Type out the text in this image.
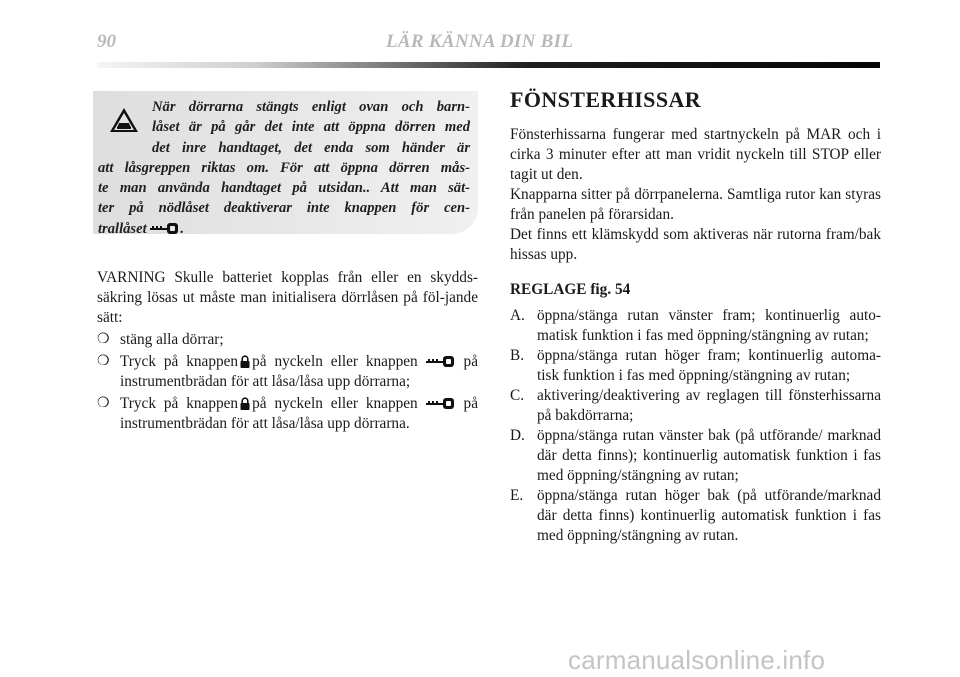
90	LÄR KÄNNA DIN BIL

När dörrarna stängts enligt ovan och barn-

låset är på går det inte att öppna dörren med

det inre handtaget, det enda som händer är

att låsgreppen riktas om. För att öppna dörren mås-

te man använda handtaget på utsidan.. Att man sät-

ter på nödlåset deaktiverar inte knappen för cen-

trallåset .

VARNING Skulle batteriet kopplas från eller en skydds-säkring lösas ut måste man initialisera dörrlåsen på föl-jande sätt:

❍ stäng alla dörrar;
❍ Tryck på knappen på nyckeln eller knappen	på instrumentbrädan för att låsa/låsa upp dörrarna;
❍ Tryck på knappen på nyckeln eller knappen	på instrumentbrädan för att låsa/låsa upp dörrarna.
FÖNSTERHISSAR

Fönsterhissarna fungerar med startnyckeln på MAR och i cirka 3 minuter efter att man vridit nyckeln till STOP eller tagit ut den.

Knapparna sitter på dörrpanelerna. Samtliga rutor kan styras från panelen på förarsidan.

Det finns ett klämskydd som aktiveras när rutorna fram/bak hissas upp.

REGLAGE fig. 54
A. öppna/stänga rutan vänster fram; kontinuerlig auto-matisk funktion i fas med öppning/stängning av rutan;
B. öppna/stänga rutan höger fram; kontinuerlig automa-tisk funktion i fas med öppning/stängning av rutan;
C. aktivering/deaktivering av reglagen till fönsterhissarna på bakdörrarna;
D. öppna/stänga rutan vänster bak (på utförande/ marknad där detta finns); kontinuerlig automatisk funktion i fas med öppning/stängning av rutan;
E. öppna/stänga rutan höger bak (på utförande/marknad där detta finns) kontinuerlig automatisk funktion i fas med öppning/stängning av rutan.
carmanualsonline.info
